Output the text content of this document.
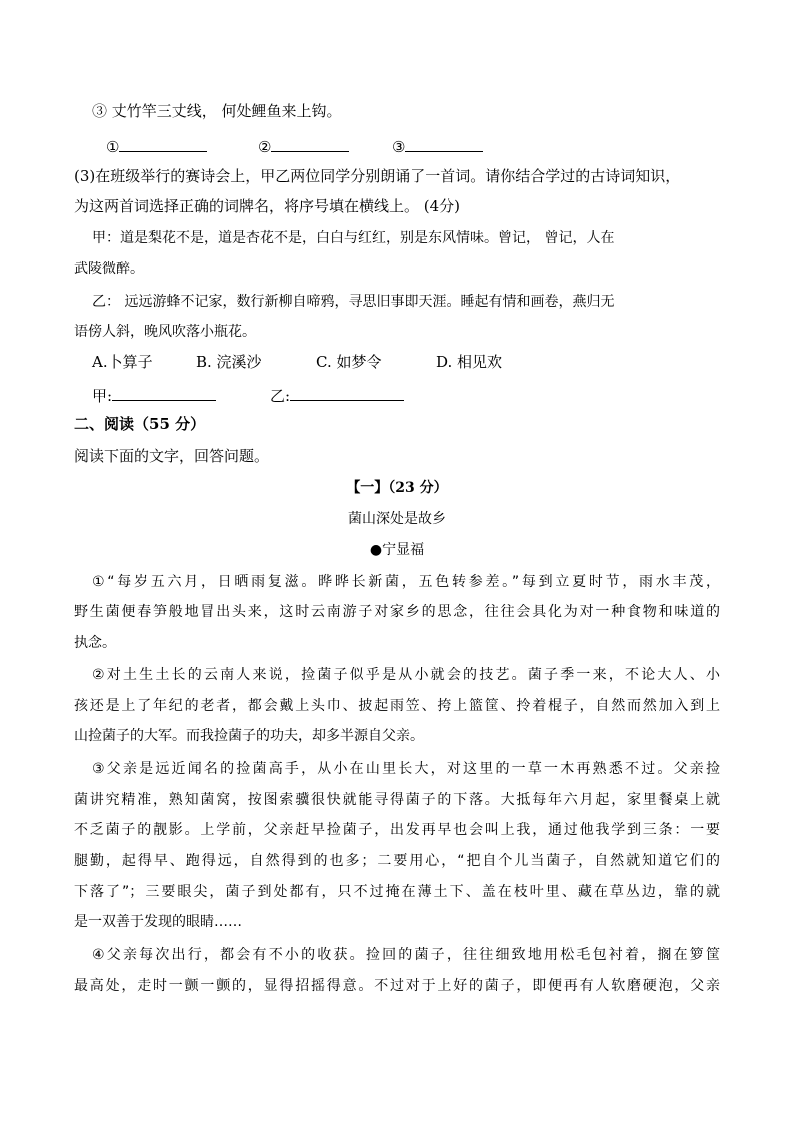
③ 丈竹竿三丈线， 何处鲤鱼来上钩。
①	②	③
(3)在班级举行的赛诗会上，甲乙两位同学分别朗诵了一首词。请你结合学过的古诗词知识，
为这两首词选择正确的词牌名，将序号填在横线上。 (4分)
甲：道是梨花不是，道是杏花不是，白白与红红，别是东风情味。曾记， 曾记，人在
武陵微醉。
乙： 远远游蜂不记家，数行新柳自啼鸦，寻思旧事即天涯。睡起有情和画卷，燕归无
语傍人斜，晚风吹落小瓶花。
A.卜算子	B. 浣溪沙	C. 如梦令	D. 相见欢
甲:	乙:
二、阅读（55 分）
阅读下面的文字，回答问题。
【一】（23 分）
菌山深处是故乡
●宁显福
①“每岁五六月，日晒雨复滋。晔晔长新菌，五色转参差。”每到立夏时节，雨水丰茂，
野生菌便春笋般地冒出头来，这时云南游子对家乡的思念，往往会具化为对一种食物和味道的
执念。
②对土生土长的云南人来说，捡菌子似乎是从小就会的技艺。菌子季一来，不论大人、小
孩还是上了年纪的老者，都会戴上头巾、披起雨笠、挎上篮筐、拎着棍子，自然而然加入到上
山捡菌子的大军。而我捡菌子的功夫，却多半源自父亲。
③父亲是远近闻名的捡菌高手，从小在山里长大，对这里的一草一木再熟悉不过。父亲捡
菌讲究精准，熟知菌窝，按图索骥很快就能寻得菌子的下落。大抵每年六月起，家里餐桌上就
不乏菌子的靓影。上学前，父亲赶早捡菌子，出发再早也会叫上我，通过他我学到三条：一要
腿勤，起得早、跑得远，自然得到的也多；二要用心，“把自个儿当菌子，自然就知道它们的
下落了”；三要眼尖，菌子到处都有，只不过掩在薄土下、盖在枝叶里、藏在草丛边，靠的就
是一双善于发现的眼睛……
④父亲每次出行，都会有不小的收获。捡回的菌子，往往细致地用松毛包衬着，搁在箩筐
最高处，走时一颤一颤的，显得招摇得意。不过对于上好的菌子，即便再有人软磨硬泡，父亲
